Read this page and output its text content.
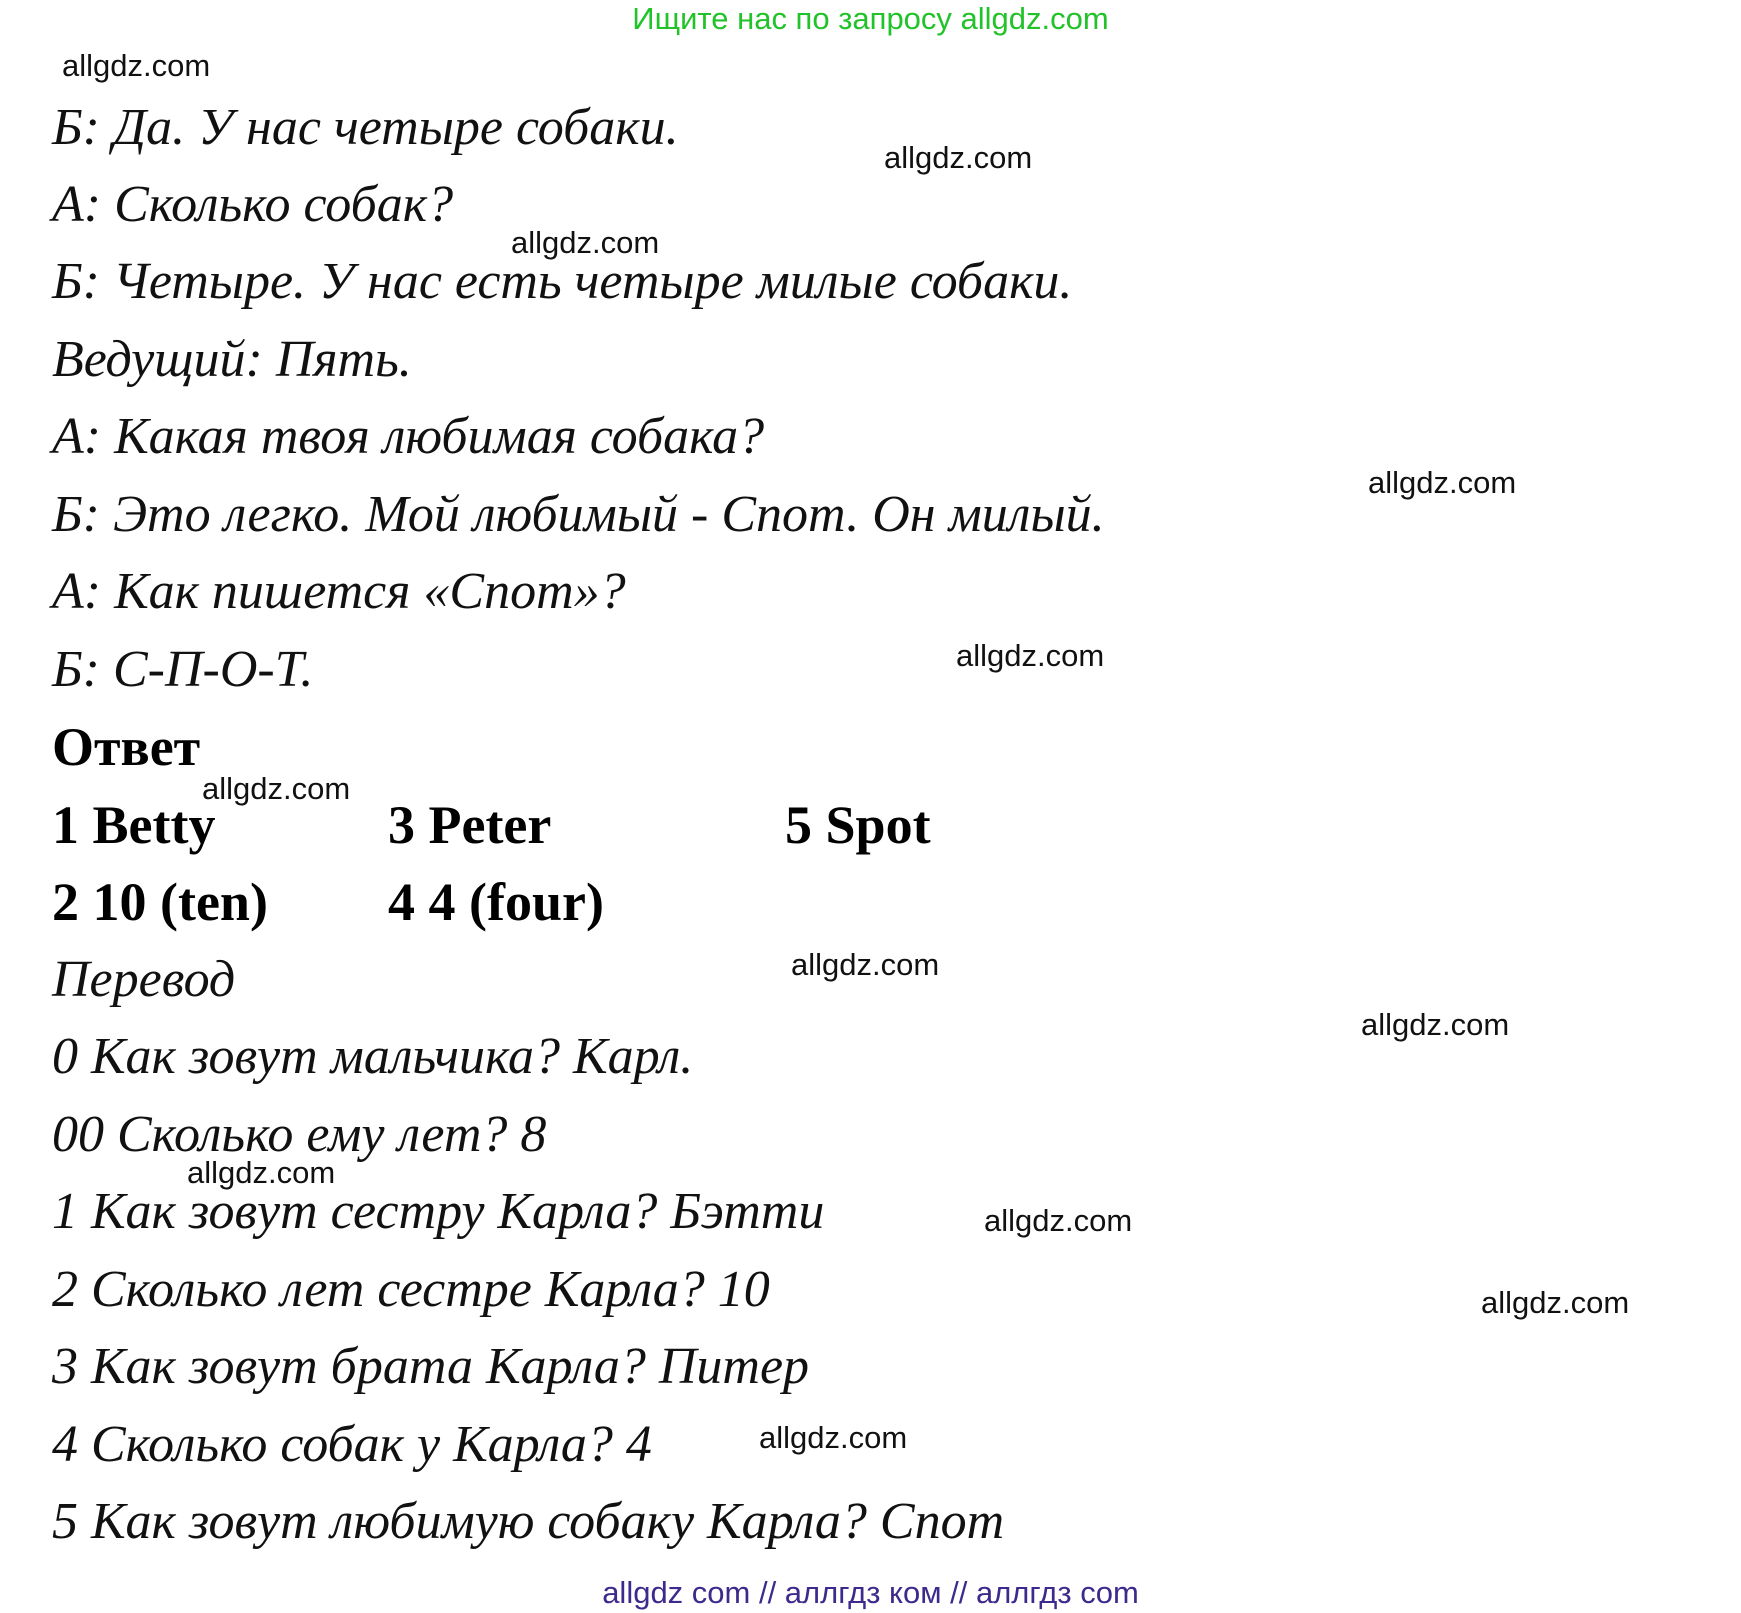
Ищите нас по запросу allgdz.com
Б: Да. У нас четыре собаки.
А: Сколько собак?
Б: Четыре. У нас есть четыре милые собаки.
Ведущий: Пять.
А: Какая твоя любимая собака?
Б: Это легко. Мой любимый - Спот. Он милый.
А: Как пишется «Спот»?
Б: С-П-О-Т.
Ответ
1 Betty	3 Peter	5 Spot
2 10 (ten) 4 4 (four)
Перевод
0 Как зовут мальчика? Карл.
00 Сколько ему лет? 8
1 Как зовут сестру Карла? Бэтти
2 Сколько лет сестре Карла? 10
3 Как зовут брата Карла? Питер
4 Сколько собак у Карла? 4
5 Как зовут любимую собаку Карла? Спот
allgdz.com
allgdz.com
allgdz.com
allgdz.com
allgdz.com
allgdz.com
allgdz.com
allgdz.com
allgdz.com
allgdz.com
allgdz.com
allgdz.com
allgdz com // аллгдз ком // аллгдз com
